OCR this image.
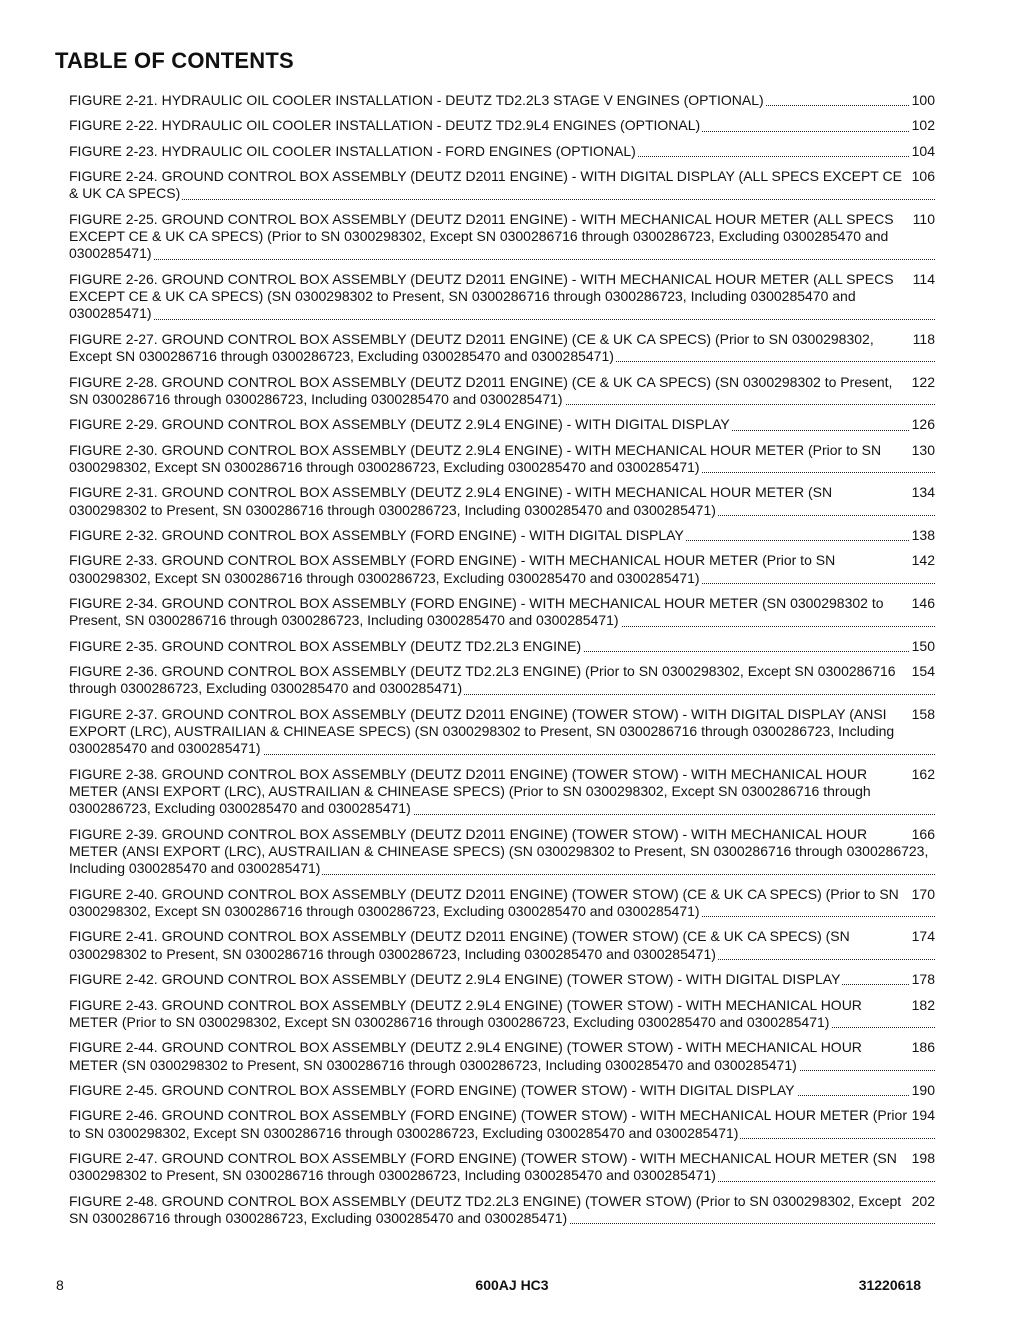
TABLE OF CONTENTS
100
FIGURE 2-21. HYDRAULIC OIL COOLER INSTALLATION - DEUTZ TD2.2L3 STAGE V ENGINES (OPTIONAL)
102
FIGURE 2-22. HYDRAULIC OIL COOLER INSTALLATION - DEUTZ TD2.9L4 ENGINES (OPTIONAL)
104
FIGURE 2-23. HYDRAULIC OIL COOLER INSTALLATION - FORD ENGINES (OPTIONAL)
106
FIGURE 2-24. GROUND CONTROL BOX ASSEMBLY (DEUTZ D2011 ENGINE) - WITH DIGITAL DISPLAY (ALL SPECS EXCEPT CE & UK CA SPECS)
110
FIGURE 2-25. GROUND CONTROL BOX ASSEMBLY (DEUTZ D2011 ENGINE) - WITH MECHANICAL HOUR METER (ALL SPECS EXCEPT CE & UK CA SPECS) (Prior to SN 0300298302, Except SN 0300286716 through 0300286723, Excluding 0300285470 and 0300285471)
114
FIGURE 2-26. GROUND CONTROL BOX ASSEMBLY (DEUTZ D2011 ENGINE) - WITH MECHANICAL HOUR METER (ALL SPECS EXCEPT CE & UK CA SPECS) (SN 0300298302 to Present, SN 0300286716 through 0300286723, Including 0300285470 and 0300285471)
118
FIGURE 2-27. GROUND CONTROL BOX ASSEMBLY (DEUTZ D2011 ENGINE) (CE & UK CA SPECS) (Prior to SN 0300298302, Except SN 0300286716 through 0300286723, Excluding 0300285470 and 0300285471)
122
FIGURE 2-28. GROUND CONTROL BOX ASSEMBLY (DEUTZ D2011 ENGINE) (CE & UK CA SPECS) (SN 0300298302 to Present, SN 0300286716 through 0300286723, Including 0300285470 and 0300285471)
126
FIGURE 2-29. GROUND CONTROL BOX ASSEMBLY (DEUTZ 2.9L4 ENGINE) - WITH DIGITAL DISPLAY
130
FIGURE 2-30. GROUND CONTROL BOX ASSEMBLY (DEUTZ 2.9L4 ENGINE) - WITH MECHANICAL HOUR METER (Prior to SN 0300298302, Except SN 0300286716 through 0300286723, Excluding 0300285470 and 0300285471)
134
FIGURE 2-31. GROUND CONTROL BOX ASSEMBLY (DEUTZ 2.9L4 ENGINE) - WITH MECHANICAL HOUR METER (SN 0300298302 to Present, SN 0300286716 through 0300286723, Including 0300285470 and 0300285471)
138
FIGURE 2-32. GROUND CONTROL BOX ASSEMBLY (FORD ENGINE) - WITH DIGITAL DISPLAY
142
FIGURE 2-33. GROUND CONTROL BOX ASSEMBLY (FORD ENGINE) - WITH MECHANICAL HOUR METER (Prior to SN 0300298302, Except SN 0300286716 through 0300286723, Excluding 0300285470 and 0300285471)
146
FIGURE 2-34. GROUND CONTROL BOX ASSEMBLY (FORD ENGINE) - WITH MECHANICAL HOUR METER (SN 0300298302 to Present, SN 0300286716 through 0300286723, Including 0300285470 and 0300285471)
150
FIGURE 2-35. GROUND CONTROL BOX ASSEMBLY (DEUTZ TD2.2L3 ENGINE)
154
FIGURE 2-36. GROUND CONTROL BOX ASSEMBLY (DEUTZ TD2.2L3 ENGINE) (Prior to SN 0300298302, Except SN 0300286716 through 0300286723, Excluding 0300285470 and 0300285471)
158
FIGURE 2-37. GROUND CONTROL BOX ASSEMBLY (DEUTZ D2011 ENGINE) (TOWER STOW) - WITH DIGITAL DISPLAY (ANSI EXPORT (LRC), AUSTRAILIAN & CHINEASE SPECS) (SN 0300298302 to Present, SN 0300286716 through 0300286723, Including 0300285470 and 0300285471)
162
FIGURE 2-38. GROUND CONTROL BOX ASSEMBLY (DEUTZ D2011 ENGINE) (TOWER STOW) - WITH MECHANICAL HOUR METER (ANSI EXPORT (LRC), AUSTRAILIAN & CHINEASE SPECS) (Prior to SN 0300298302, Except SN 0300286716 through 0300286723, Excluding 0300285470 and 0300285471)
166
FIGURE 2-39. GROUND CONTROL BOX ASSEMBLY (DEUTZ D2011 ENGINE) (TOWER STOW) - WITH MECHANICAL HOUR METER (ANSI EXPORT (LRC), AUSTRAILIAN & CHINEASE SPECS) (SN 0300298302 to Present, SN 0300286716 through 0300286723, Including 0300285470 and 0300285471)
170
FIGURE 2-40. GROUND CONTROL BOX ASSEMBLY (DEUTZ D2011 ENGINE) (TOWER STOW) (CE & UK CA SPECS) (Prior to SN 0300298302, Except SN 0300286716 through 0300286723, Excluding 0300285470 and 0300285471)
174
FIGURE 2-41. GROUND CONTROL BOX ASSEMBLY (DEUTZ D2011 ENGINE) (TOWER STOW) (CE & UK CA SPECS) (SN 0300298302 to Present, SN 0300286716 through 0300286723, Including 0300285470 and 0300285471)
178
FIGURE 2-42. GROUND CONTROL BOX ASSEMBLY (DEUTZ 2.9L4 ENGINE) (TOWER STOW) - WITH DIGITAL DISPLAY
182
FIGURE 2-43. GROUND CONTROL BOX ASSEMBLY (DEUTZ 2.9L4 ENGINE) (TOWER STOW) - WITH MECHANICAL HOUR METER (Prior to SN 0300298302, Except SN 0300286716 through 0300286723, Excluding 0300285470 and 0300285471)
186
FIGURE 2-44. GROUND CONTROL BOX ASSEMBLY (DEUTZ 2.9L4 ENGINE) (TOWER STOW) - WITH MECHANICAL HOUR METER (SN 0300298302 to Present, SN 0300286716 through 0300286723, Including 0300285470 and 0300285471)
190
FIGURE 2-45. GROUND CONTROL BOX ASSEMBLY (FORD ENGINE) (TOWER STOW) - WITH DIGITAL DISPLAY
194
FIGURE 2-46. GROUND CONTROL BOX ASSEMBLY (FORD ENGINE) (TOWER STOW) - WITH MECHANICAL HOUR METER (Prior to SN 0300298302, Except SN 0300286716 through 0300286723, Excluding 0300285470 and 0300285471)
198
FIGURE 2-47. GROUND CONTROL BOX ASSEMBLY (FORD ENGINE) (TOWER STOW) - WITH MECHANICAL HOUR METER (SN 0300298302 to Present, SN 0300286716 through 0300286723, Including 0300285470 and 0300285471)
202
FIGURE 2-48. GROUND CONTROL BOX ASSEMBLY (DEUTZ TD2.2L3 ENGINE) (TOWER STOW) (Prior to SN 0300298302, Except SN 0300286716 through 0300286723, Excluding 0300285470 and 0300285471)
8	600AJ HC3	31220618
